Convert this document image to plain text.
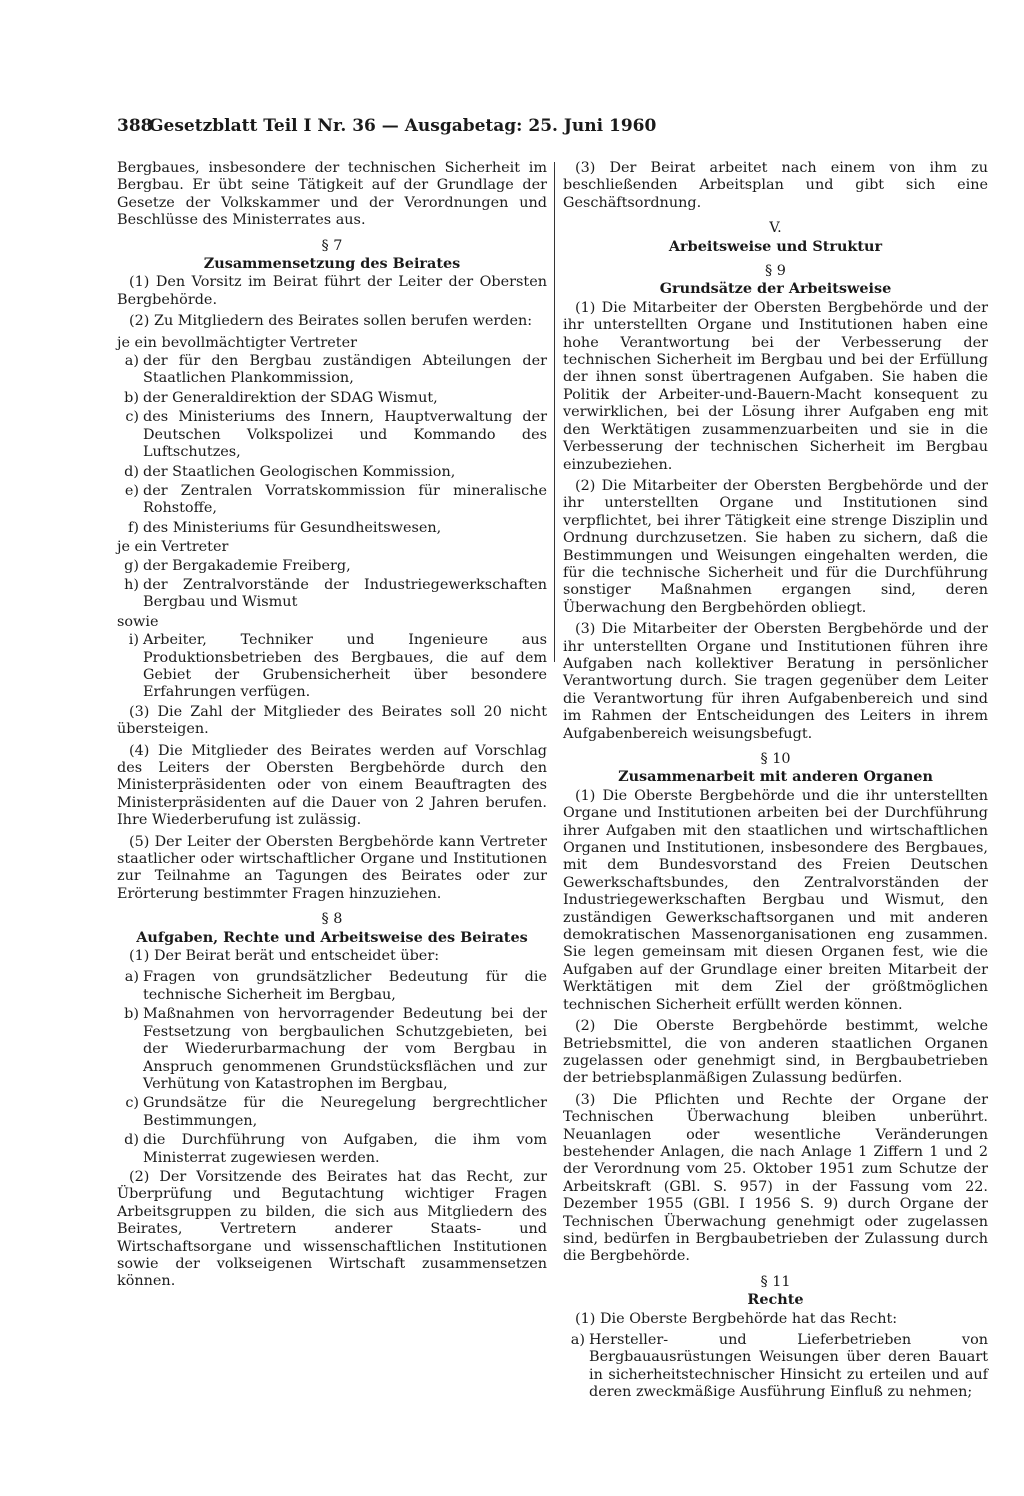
388
Gesetzblatt Teil I Nr. 36 — Ausgabetag: 25. Juni 1960

Bergbaues, insbesondere der technischen Sicherheit im Bergbau. Er übt seine Tätigkeit auf der Grundlage der Gesetze der Volkskammer und der Verordnungen und Beschlüsse des Ministerrates aus.

§ 7

Zusammensetzung des Beirates

(1) Den Vorsitz im Beirat führt der Leiter der Obersten Bergbehörde.

(2) Zu Mitgliedern des Beirates sollen berufen werden:

je ein bevollmächtigter Vertreter

a) der für den Bergbau zuständigen Abteilungen der Staatlichen Plankommission,
b) der Generaldirektion der SDAG Wismut,
c) des Ministeriums des Innern, Hauptverwaltung der Deutschen Volkspolizei und Kommando des Luftschutzes,
d) der Staatlichen Geologischen Kommission,
e) der Zentralen Vorratskommission für mineralische Rohstoffe,
f) des Ministeriums für Gesundheitswesen,

je ein Vertreter

g) der Bergakademie Freiberg,
h) der Zentralvorstände der Industriegewerkschaften Bergbau und Wismut

sowie

i) Arbeiter, Techniker und Ingenieure aus Produktionsbetrieben des Bergbaues, die auf dem Gebiet der Grubensicherheit über besondere Erfahrungen verfügen.

(3) Die Zahl der Mitglieder des Beirates soll 20 nicht übersteigen.

(4) Die Mitglieder des Beirates werden auf Vorschlag des Leiters der Obersten Bergbehörde durch den Ministerpräsidenten oder von einem Beauftragten des Ministerpräsidenten auf die Dauer von 2 Jahren berufen. Ihre Wiederberufung ist zulässig.

(5) Der Leiter der Obersten Bergbehörde kann Vertreter staatlicher oder wirtschaftlicher Organe und Institutionen zur Teilnahme an Tagungen des Beirates oder zur Erörterung bestimmter Fragen hinzuziehen.

§ 8

Aufgaben, Rechte und Arbeitsweise des Beirates

(1) Der Beirat berät und entscheidet über:

a) Fragen von grundsätzlicher Bedeutung für die technische Sicherheit im Bergbau,
b) Maßnahmen von hervorragender Bedeutung bei der Festsetzung von bergbaulichen Schutzgebieten, bei der Wiederurbarmachung der vom Bergbau in Anspruch genommenen Grundstücksflächen und zur Verhütung von Katastrophen im Bergbau,
c) Grundsätze für die Neuregelung bergrechtlicher Bestimmungen,
d) die Durchführung von Aufgaben, die ihm vom Ministerrat zugewiesen werden.

(2) Der Vorsitzende des Beirates hat das Recht, zur Überprüfung und Begutachtung wichtiger Fragen Arbeitsgruppen zu bilden, die sich aus Mitgliedern des Beirates, Vertretern anderer Staats- und Wirtschaftsorgane und wissenschaftlichen Institutionen sowie der volkseigenen Wirtschaft zusammensetzen können.

(3) Der Beirat arbeitet nach einem von ihm zu beschließenden Arbeitsplan und gibt sich eine Geschäftsordnung.

V.

Arbeitsweise und Struktur

§ 9

Grundsätze der Arbeitsweise

(1) Die Mitarbeiter der Obersten Bergbehörde und der ihr unterstellten Organe und Institutionen haben eine hohe Verantwortung bei der Verbesserung der technischen Sicherheit im Bergbau und bei der Erfüllung der ihnen sonst übertragenen Aufgaben. Sie haben die Politik der Arbeiter-und-Bauern-Macht konsequent zu verwirklichen, bei der Lösung ihrer Aufgaben eng mit den Werktätigen zusammenzuarbeiten und sie in die Verbesserung der technischen Sicherheit im Bergbau einzubeziehen.

(2) Die Mitarbeiter der Obersten Bergbehörde und der ihr unterstellten Organe und Institutionen sind verpflichtet, bei ihrer Tätigkeit eine strenge Disziplin und Ordnung durchzusetzen. Sie haben zu sichern, daß die Bestimmungen und Weisungen eingehalten werden, die für die technische Sicherheit und für die Durchführung sonstiger Maßnahmen ergangen sind, deren Überwachung den Bergbehörden obliegt.

(3) Die Mitarbeiter der Obersten Bergbehörde und der ihr unterstellten Organe und Institutionen führen ihre Aufgaben nach kollektiver Beratung in persönlicher Verantwortung durch. Sie tragen gegenüber dem Leiter die Verantwortung für ihren Aufgabenbereich und sind im Rahmen der Entscheidungen des Leiters in ihrem Aufgabenbereich weisungsbefugt.

§ 10

Zusammenarbeit mit anderen Organen

(1) Die Oberste Bergbehörde und die ihr unterstellten Organe und Institutionen arbeiten bei der Durchführung ihrer Aufgaben mit den staatlichen und wirtschaftlichen Organen und Institutionen, insbesondere des Bergbaues, mit dem Bundesvorstand des Freien Deutschen Gewerkschaftsbundes, den Zentralvorständen der Industriegewerkschaften Bergbau und Wismut, den zuständigen Gewerkschaftsorganen und mit anderen demokratischen Massenorganisationen eng zusammen. Sie legen gemeinsam mit diesen Organen fest, wie die Aufgaben auf der Grundlage einer breiten Mitarbeit der Werktätigen mit dem Ziel der größtmöglichen technischen Sicherheit erfüllt werden können.

(2) Die Oberste Bergbehörde bestimmt, welche Betriebsmittel, die von anderen staatlichen Organen zugelassen oder genehmigt sind, in Bergbaubetrieben der betriebsplanmäßigen Zulassung bedürfen.

(3) Die Pflichten und Rechte der Organe der Technischen Überwachung bleiben unberührt. Neuanlagen oder wesentliche Veränderungen bestehender Anlagen, die nach Anlage 1 Ziffern 1 und 2 der Verordnung vom 25. Oktober 1951 zum Schutze der Arbeitskraft (GBl. S. 957) in der Fassung vom 22. Dezember 1955 (GBl. I 1956 S. 9) durch Organe der Technischen Überwachung genehmigt oder zugelassen sind, bedürfen in Bergbaubetrieben der Zulassung durch die Bergbehörde.

§ 11

Rechte

(1) Die Oberste Bergbehörde hat das Recht:

a) Hersteller- und Lieferbetrieben von Bergbauausrüstungen Weisungen über deren Bauart in sicherheitstechnischer Hinsicht zu erteilen und auf deren zweckmäßige Ausführung Einfluß zu nehmen;
